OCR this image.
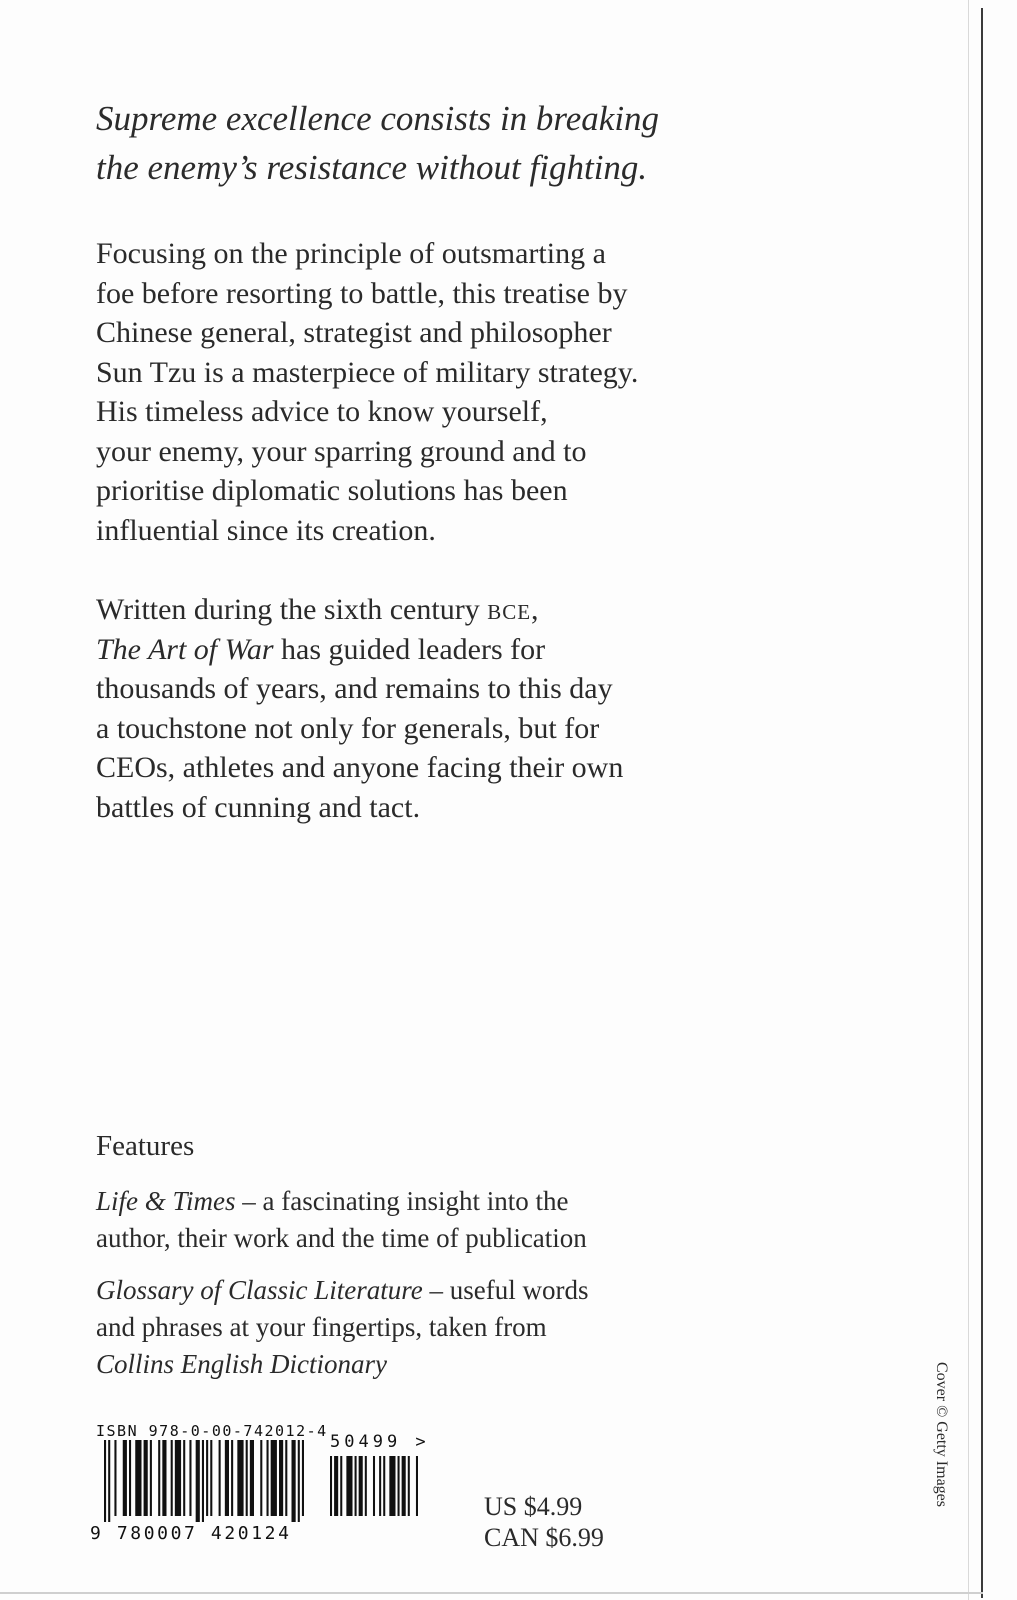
Supreme excellence consists in breaking
the enemy’s resistance without fighting.
Focusing on the principle of outsmarting a
foe before resorting to battle, this treatise by
Chinese general, strategist and philosopher
Sun Tzu is a masterpiece of military strategy.
His timeless advice to know yourself,
your enemy, your sparring ground and to
prioritise diplomatic solutions has been
influential since its creation.
Written during the sixth century bce,
The Art of War has guided leaders for
thousands of years, and remains to this day
a touchstone not only for generals, but for
CEOs, athletes and anyone facing their own
battles of cunning and tact.
Features
Life & Times – a fascinating insight into the
author, their work and the time of publication
Glossary of Classic Literature – useful words
and phrases at your fingertips, taken from
Collins English Dictionary
ISBN 978-0-00-742012-4
9 780007 420124
50499 >
US $4.99
CAN $6.99
Cover © Getty Images
